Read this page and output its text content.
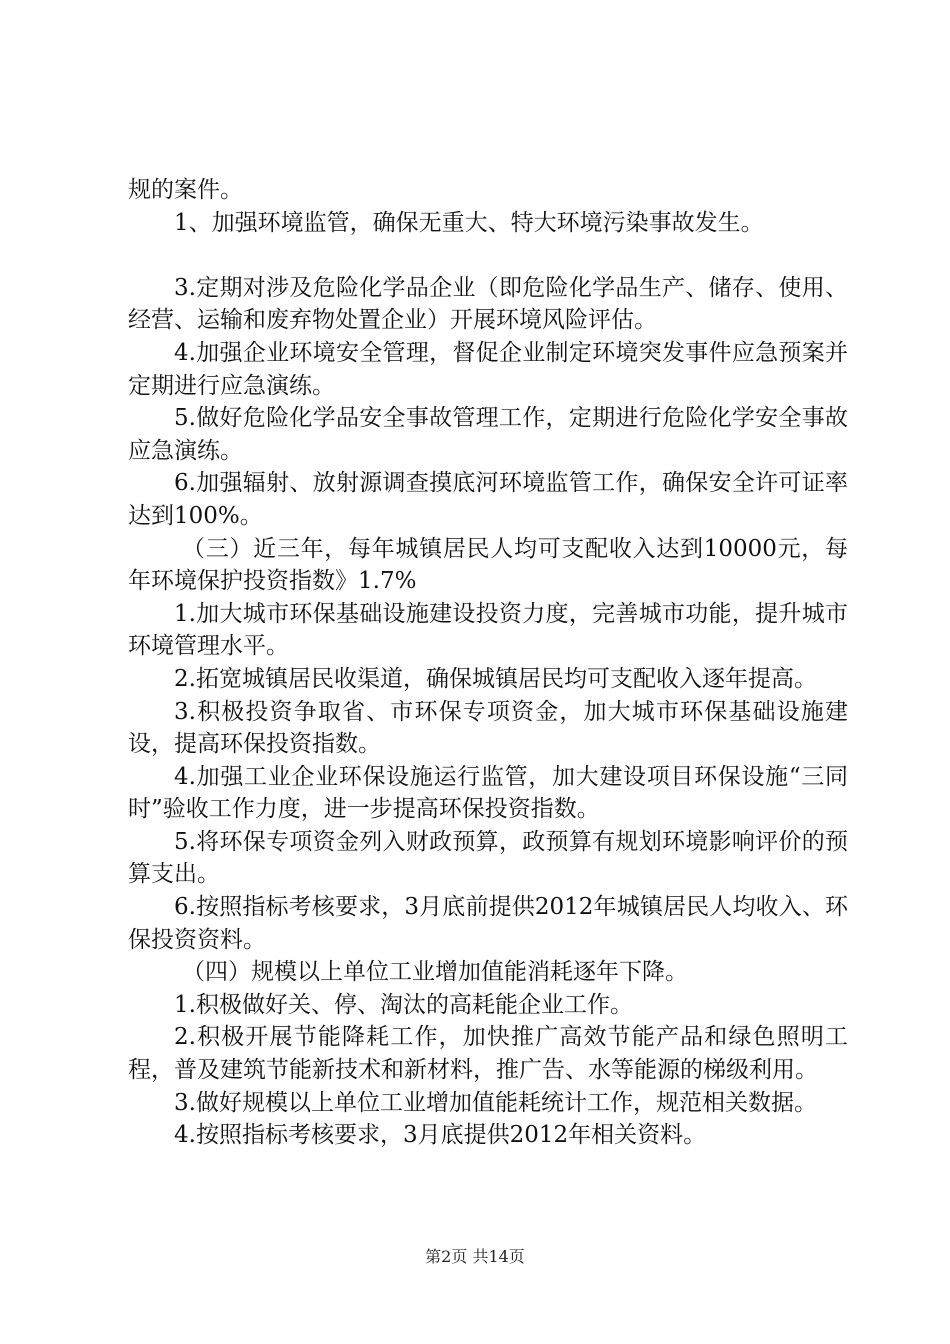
规的案件。

1、加强环境监管，确保无重大、特大环境污染事故发生。

3.定期对涉及危险化学品企业（即危险化学品生产、储存、使用、经营、运输和废弃物处置企业）开展环境风险评估。

4.加强企业环境安全管理，督促企业制定环境突发事件应急预案并定期进行应急演练。

5.做好危险化学品安全事故管理工作，定期进行危险化学安全事故应急演练。

6.加强辐射、放射源调查摸底河环境监管工作，确保安全许可证率达到100%。

（三）近三年，每年城镇居民人均可支配收入达到10000元，每年环境保护投资指数》1.7%

1.加大城市环保基础设施建设投资力度，完善城市功能，提升城市环境管理水平。

2.拓宽城镇居民收渠道，确保城镇居民均可支配收入逐年提高。

3.积极投资争取省、市环保专项资金，加大城市环保基础设施建设，提高环保投资指数。

4.加强工业企业环保设施运行监管，加大建设项目环保设施“三同时”验收工作力度，进一步提高环保投资指数。

5.将环保专项资金列入财政预算，政预算有规划环境影响评价的预算支出。

6.按照指标考核要求，3月底前提供2012年城镇居民人均收入、环保投资资料。

（四）规模以上单位工业增加值能消耗逐年下降。

1.积极做好关、停、淘汰的高耗能企业工作。

2.积极开展节能降耗工作，加快推广高效节能产品和绿色照明工程，普及建筑节能新技术和新材料，推广告、水等能源的梯级利用。

3.做好规模以上单位工业增加值能耗统计工作，规范相关数据。

4.按照指标考核要求，3月底提供2012年相关资料。

第2页 共14页
